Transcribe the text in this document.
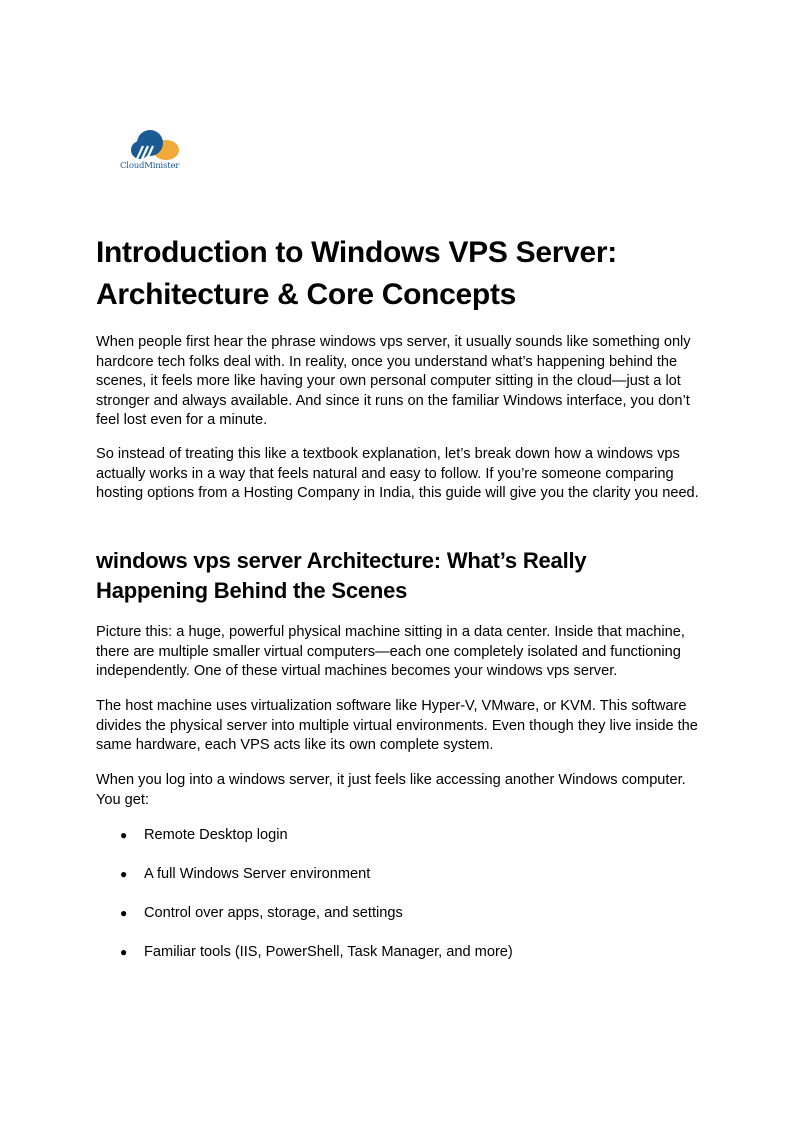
CloudMinister
Introduction to Windows VPS Server: Architecture & Core Concepts

When people first hear the phrase windows vps server, it usually sounds like something only hardcore tech folks deal with. In reality, once you understand what’s happening behind the scenes, it feels more like having your own personal computer sitting in the cloud—just a lot stronger and always available. And since it runs on the familiar Windows interface, you don’t feel lost even for a minute.

So instead of treating this like a textbook explanation, let’s break down how a windows vps actually works in a way that feels natural and easy to follow. If you’re someone comparing hosting options from a Hosting Company in India, this guide will give you the clarity you need.

windows vps server Architecture: What’s Really Happening Behind the Scenes

Picture this: a huge, powerful physical machine sitting in a data center. Inside that machine, there are multiple smaller virtual computers—each one completely isolated and functioning independently. One of these virtual machines becomes your windows vps server.

The host machine uses virtualization software like Hyper-V, VMware, or KVM. This software divides the physical server into multiple virtual environments. Even though they live inside the same hardware, each VPS acts like its own complete system.

When you log into a windows server, it just feels like accessing another Windows computer. You get:

● Remote Desktop login
● A full Windows Server environment
● Control over apps, storage, and settings
● Familiar tools (IIS, PowerShell, Task Manager, and more)
